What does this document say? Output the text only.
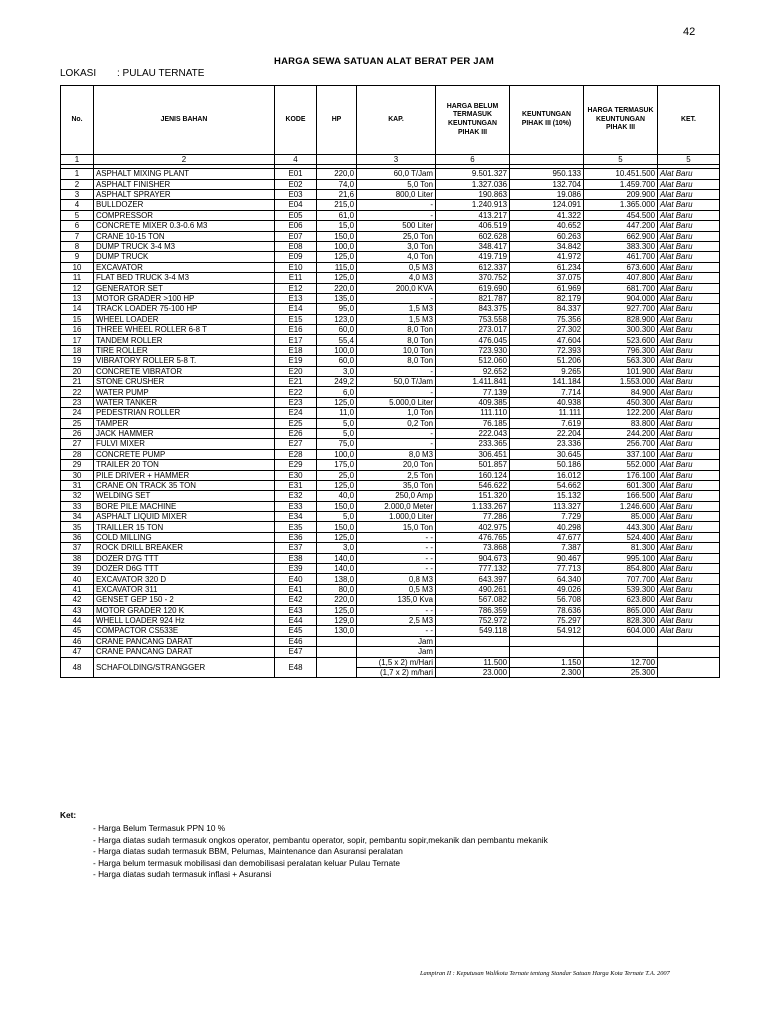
42
HARGA SEWA SATUAN ALAT BERAT PER JAM
LOKASI : PULAU TERNATE
No.	JENIS BAHAN	KODE	HP	KAP.	HARGA BELUM TERMASUK KEUNTUNGAN PIHAK III	KEUNTUNGAN PIHAK III (10%)	HARGA TERMASUK KEUNTUNGAN PIHAK III	KET.
1	2	4		3	6		5	5

1	ASPHALT MIXING PLANT	E01	220,0	60,0 T/Jam	9.501.327	950.133	10.451.500	Alat Baru
2	ASPHALT FINISHER	E02	74,0	5,0 Ton	1.327.036	132.704	1.459.700	Alat Baru
3	ASPHALT SPRAYER	E03	21,6	800,0 Liter	190.863	19.086	209.900	Alat Baru
4	BULLDOZER	E04	215,0	-	1.240.913	124.091	1.365.000	Alat Baru
5	COMPRESSOR	E05	61,0	-	413.217	41.322	454.500	Alat Baru
6	CONCRETE MIXER 0.3-0.6 M3	E06	15,0	500 Liter	406.519	40.652	447.200	Alat Baru
7	CRANE 10-15 TON	E07	150,0	25,0 Ton	602.628	60.263	662.900	Alat Baru
8	DUMP TRUCK 3-4 M3	E08	100,0	3,0 Ton	348.417	34.842	383.300	Alat Baru
9	DUMP TRUCK	E09	125,0	4,0 Ton	419.719	41.972	461.700	Alat Baru
10	EXCAVATOR	E10	115,0	0,5 M3	612.337	61.234	673.600	Alat Baru
11	FLAT BED TRUCK 3-4 M3	E11	125,0	4,0 M3	370.752	37.075	407.800	Alat Baru
12	GENERATOR SET	E12	220,0	200,0 KVA	619.690	61.969	681.700	Alat Baru
13	MOTOR GRADER >100 HP	E13	135,0	-	821.787	82.179	904.000	Alat Baru
14	TRACK LOADER 75-100 HP	E14	95,0	1,5 M3	843.375	84.337	927.700	Alat Baru
15	WHEEL LOADER	E15	123,0	1,5 M3	753.558	75.356	828.900	Alat Baru
16	THREE WHEEL ROLLER 6-8 T	E16	60,0	8,0 Ton	273.017	27.302	300.300	Alat Baru
17	TANDEM ROLLER	E17	55,4	8,0 Ton	476.045	47.604	523.600	Alat Baru
18	TIRE ROLLER	E18	100,0	10,0 Ton	723.930	72.393	796.300	Alat Baru
19	VIBRATORY ROLLER 5-8 T.	E19	60,0	8,0 Ton	512.060	51.206	563.300	Alat Baru
20	CONCRETE VIBRATOR	E20	3,0	-	92.652	9.265	101.900	Alat Baru
21	STONE CRUSHER	E21	249,2	50,0 T/Jam	1.411.841	141.184	1.553.000	Alat Baru
22	WATER PUMP	E22	6,0	-	77.139	7.714	84.900	Alat Baru
23	WATER TANKER	E23	125,0	5.000,0 Liter	409.385	40.938	450.300	Alat Baru
24	PEDESTRIAN ROLLER	E24	11,0	1,0 Ton	111.110	11.111	122.200	Alat Baru
25	TAMPER	E25	5,0	0,2 Ton	76.185	7.619	83.800	Alat Baru
26	JACK HAMMER	E26	5,0	-	222.043	22.204	244.200	Alat Baru
27	FULVI MIXER	E27	75,0	-	233.365	23.336	256.700	Alat Baru
28	CONCRETE PUMP	E28	100,0	8,0 M3	306.451	30.645	337.100	Alat Baru
29	TRAILER 20 TON	E29	175,0	20,0 Ton	501.857	50.186	552.000	Alat Baru
30	PILE DRIVER + HAMMER	E30	25,0	2,5 Ton	160.124	16.012	176.100	Alat Baru
31	CRANE ON TRACK 35 TON	E31	125,0	35,0 Ton	546.622	54.662	601.300	Alat Baru
32	WELDING SET	E32	40,0	250,0 Amp	151.320	15.132	166.500	Alat Baru
33	BORE PILE MACHINE	E33	150,0	2.000,0 Meter	1.133.267	113.327	1.246.600	Alat Baru
34	ASPHALT LIQUID MIXER	E34	5,0	1.000,0 Liter	77.286	7.729	85.000	Alat Baru
35	TRAILLER 15 TON	E35	150,0	15,0 Ton	402.975	40.298	443.300	Alat Baru
36	COLD MILLING	E36	125,0	- -	476.765	47.677	524.400	Alat Baru
37	ROCK DRILL BREAKER	E37	3,0	- -	73.868	7.387	81.300	Alat Baru
38	DOZER D7G TTT	E38	140,0	- -	904.673	90.467	995.100	Alat Baru
39	DOZER D6G TTT	E39	140,0	- -	777.132	77.713	854.800	Alat Baru
40	EXCAVATOR 320 D	E40	138,0	0,8 M3	643.397	64.340	707.700	Alat Baru
41	EXCAVATOR 311	E41	80,0	0,5 M3	490.261	49.026	539.300	Alat Baru
42	GENSET GEP 150 - 2	E42	220,0	135,0 Kva	567.082	56.708	623.800	Alat Baru
43	MOTOR GRADER 120 K	E43	125,0	- -	786.359	78.636	865.000	Alat Baru
44	WHELL LOADER 924 Hz	E44	129,0	2,5 M3	752.972	75.297	828.300	Alat Baru
45	COMPACTOR CS533E	E45	130,0	- -	549.118	54.912	604.000	Alat Baru
46	CRANE PANCANG DARAT	E46		Jam				
47	CRANE PANCANG DARAT	E47		Jam				
48	SCHAFOLDING/STRANGGER	E48		(1,5 x 2) m/Hari	11.500	1.150	12.700	
				(1,7 x 2) m/hari	23.000	2.300	25.300	
Ket:
- Harga Belum Termasuk PPN 10 %
- Harga diatas sudah termasuk ongkos operator, pembantu operator, sopir, pembantu sopir,mekanik dan pembantu mekanik
- Harga diatas sudah termasuk BBM, Pelumas, Maintenance dan Asuransi peralatan
- Harga belum termasuk mobilisasi dan demobilisasi peralatan keluar Pulau Ternate
- Harga diatas sudah termasuk inflasi + Asuransi
Lampiran II : Keputusan Walikota Ternate tentang Standar Satuan Harga Kota Ternate T.A. 2007
